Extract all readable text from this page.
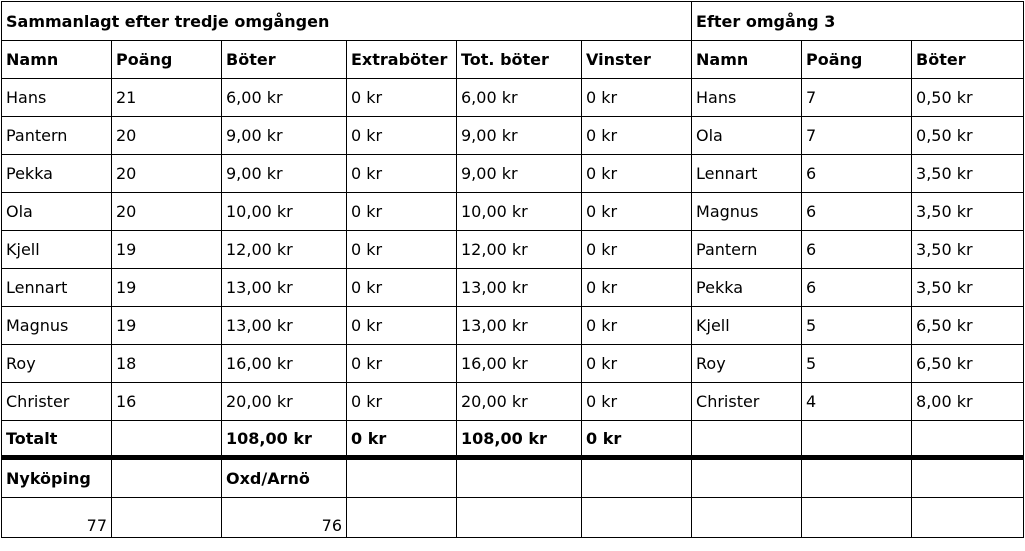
Sammanlagt efter tredje omgången						Efter omgång 3		
Namn	Poäng	Böter	Extraböter	Tot. böter	Vinster	Namn	Poäng	Böter
Hans	21	6,00 kr	0 kr	6,00 kr	0 kr	Hans	7	0,50 kr
Pantern	20	9,00 kr	0 kr	9,00 kr	0 kr	Ola	7	0,50 kr
Pekka	20	9,00 kr	0 kr	9,00 kr	0 kr	Lennart	6	3,50 kr
Ola	20	10,00 kr	0 kr	10,00 kr	0 kr	Magnus	6	3,50 kr
Kjell	19	12,00 kr	0 kr	12,00 kr	0 kr	Pantern	6	3,50 kr
Lennart	19	13,00 kr	0 kr	13,00 kr	0 kr	Pekka	6	3,50 kr
Magnus	19	13,00 kr	0 kr	13,00 kr	0 kr	Kjell	5	6,50 kr
Roy	18	16,00 kr	0 kr	16,00 kr	0 kr	Roy	5	6,50 kr
Christer	16	20,00 kr	0 kr	20,00 kr	0 kr	Christer	4	8,00 kr
Totalt		108,00 kr	0 kr	108,00 kr	0 kr			
Nyköping		Oxd/Arnö						
77		76						
